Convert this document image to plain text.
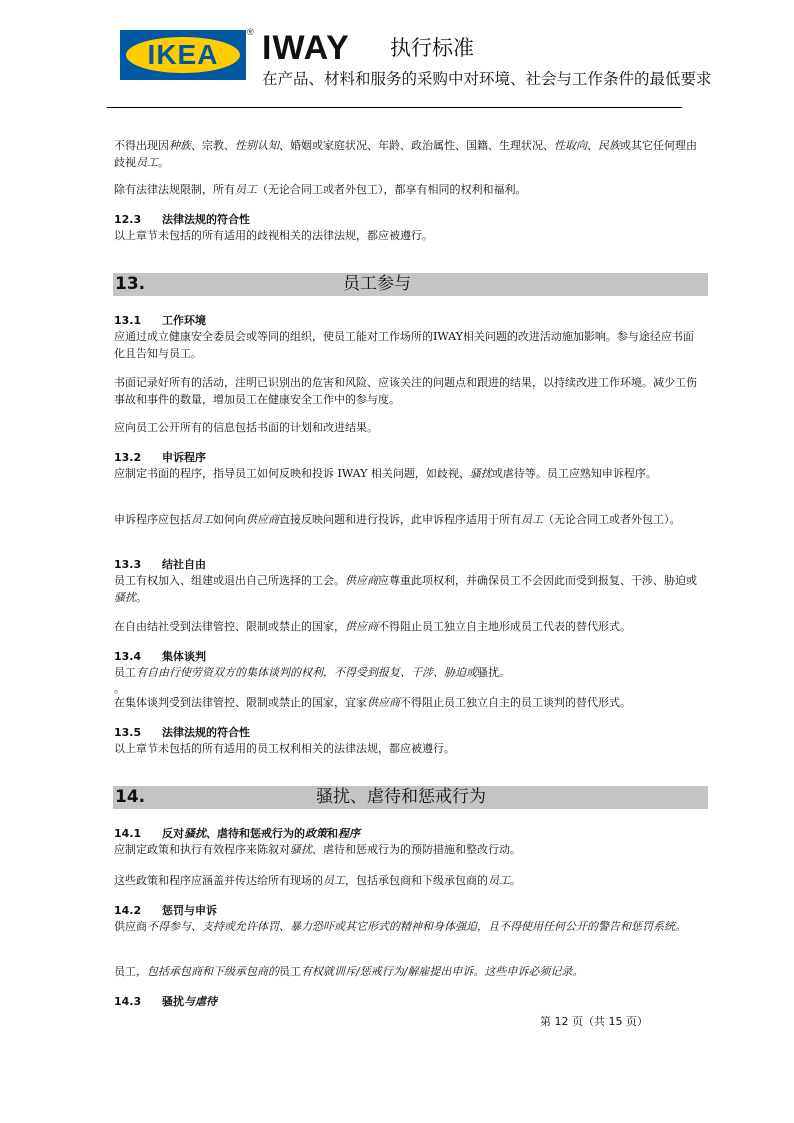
IKEA
® IWAY 执行标准
在产品、材料和服务的采购中对环境、社会与工作条件的最低要求
不得出现因种族、宗教、性别认知、婚姻或家庭状况、年龄、政治属性、国籍、生理状况、性取向、民族或其它任何理由歧视员工。
除有法律法规限制，所有员工（无论合同工或者外包工），都享有相同的权利和福利。
12.3 法律法规的符合性
以上章节未包括的所有适用的歧视相关的法律法规，都应被遵行。
13.	员工参与
13.1 工作环境
应通过成立健康安全委员会或等同的组织，使员工能对工作场所的IWAY相关问题的改进活动施加影响。参与途径应书面化且告知与员工。
书面记录好所有的活动，注明已识别出的危害和风险、应该关注的问题点和跟进的结果，以持续改进工作环境。减少工伤事故和事件的数量，增加员工在健康安全工作中的参与度。
应向员工公开所有的信息包括书面的计划和改进结果。
13.2 申诉程序
应制定书面的程序，指导员工如何反映和投诉 IWAY 相关问题，如歧视、骚扰或虐待等。员工应熟知申诉程序。
申诉程序应包括员工如何向供应商直接反映问题和进行投诉，此申诉程序适用于所有员工（无论合同工或者外包工）。
13.3 结社自由
员工有权加入、组建或退出自己所选择的工会。供应商应尊重此项权利，并确保员工不会因此而受到报复、干涉、胁迫或骚扰。
在自由结社受到法律管控、限制或禁止的国家，供应商不得阻止员工独立自主地形成员工代表的替代形式。
13.4 集体谈判
员工有自由行使劳资双方的集体谈判的权利，不得受到报复、干涉、胁迫或骚扰。
。
在集体谈判受到法律管控、限制或禁止的国家，宜家供应商不得阻止员工独立自主的员工谈判的替代形式。
13.5 法律法规的符合性
以上章节未包括的所有适用的员工权利相关的法律法规，都应被遵行。
14.	骚扰、虐待和惩戒行为
14.1 反对骚扰、虐待和惩戒行为的政策和程序
应制定政策和执行有效程序来陈叙对骚扰、虐待和惩戒行为的预防措施和整改行动。
这些政策和程序应涵盖并传达给所有现场的员工，包括承包商和下级承包商的员工。
14.2 惩罚与申诉
供应商不得参与、支持或允许体罚、暴力恐吓或其它形式的精神和身体强迫，且不得使用任何公开的警告和惩罚系统。
员工，包括承包商和下级承包商的员工有权就训斥/惩戒行为/解雇提出申诉。这些申诉必须记录。
14.3 骚扰与虐待
第 12 页（共 15 页）
